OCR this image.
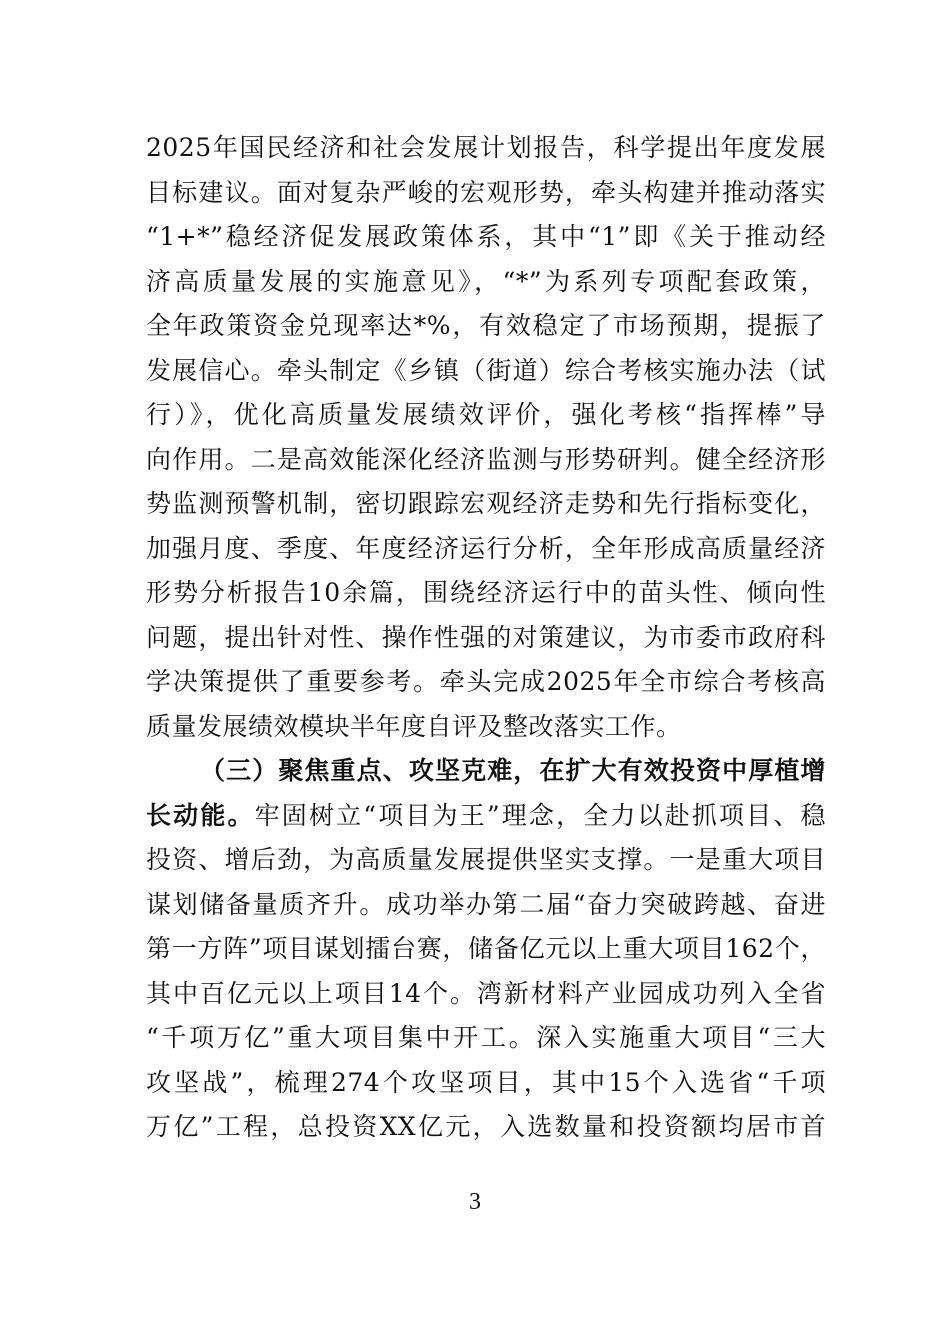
2025年国民经济和社会发展计划报告，科学提出年度发展
目标建议。面对复杂严峻的宏观形势，牵头构建并推动落实
“1+*”稳经济促发展政策体系，其中“1”即《关于推动经
济高质量发展的实施意见》，“*”为系列专项配套政策，
全年政策资金兑现率达*%，有效稳定了市场预期，提振了
发展信心。牵头制定《乡镇（街道）综合考核实施办法（试
行）》，优化高质量发展绩效评价，强化考核“指挥棒”导
向作用。二是高效能深化经济监测与形势研判。健全经济形
势监测预警机制，密切跟踪宏观经济走势和先行指标变化，
加强月度、季度、年度经济运行分析，全年形成高质量经济
形势分析报告10余篇，围绕经济运行中的苗头性、倾向性
问题，提出针对性、操作性强的对策建议，为市委市政府科
学决策提供了重要参考。牵头完成2025年全市综合考核高
质量发展绩效模块半年度自评及整改落实工作。
（三）聚焦重点、攻坚克难，在扩大有效投资中厚植增
长动能。牢固树立“项目为王”理念，全力以赴抓项目、稳
投资、增后劲，为高质量发展提供坚实支撑。一是重大项目
谋划储备量质齐升。成功举办第二届“奋力突破跨越、奋进
第一方阵”项目谋划擂台赛，储备亿元以上重大项目162个，
其中百亿元以上项目14个。湾新材料产业园成功列入全省
“千项万亿”重大项目集中开工。深入实施重大项目“三大
攻坚战”，梳理274个攻坚项目，其中15个入选省“千项
万亿”工程，总投资XX亿元，入选数量和投资额均居市首
3
